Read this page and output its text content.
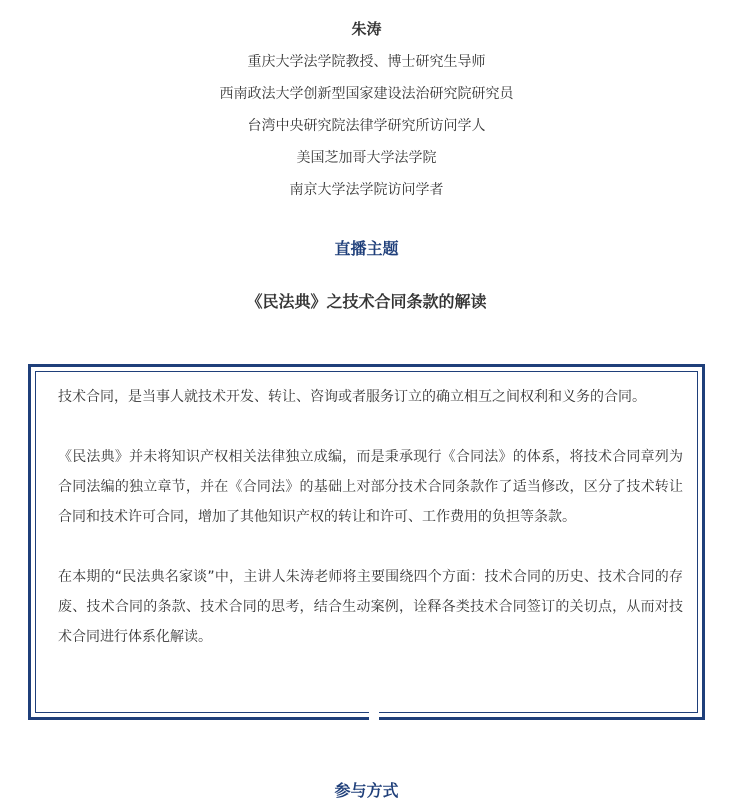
朱涛
重庆大学法学院教授、博士研究生导师
西南政法大学创新型国家建设法治研究院研究员
台湾中央研究院法律学研究所访问学人
美国芝加哥大学法学院
南京大学法学院访问学者
直播主题
《民法典》之技术合同条款的解读

技术合同，是当事人就技术开发、转让、咨询或者服务订立的确立相互之间权利和义务的合同。

《民法典》并未将知识产权相关法律独立成编，而是秉承现行《合同法》的体系，将技术合同章列为合同法编的独立章节，并在《合同法》的基础上对部分技术合同条款作了适当修改，区分了技术转让合同和技术许可合同，增加了其他知识产权的转让和许可、工作费用的负担等条款。

在本期的“民法典名家谈”中，主讲人朱涛老师将主要围绕四个方面：技术合同的历史、技术合同的存废、技术合同的条款、技术合同的思考，结合生动案例，诠释各类技术合同签订的关切点，从而对技术合同进行体系化解读。

参与方式
